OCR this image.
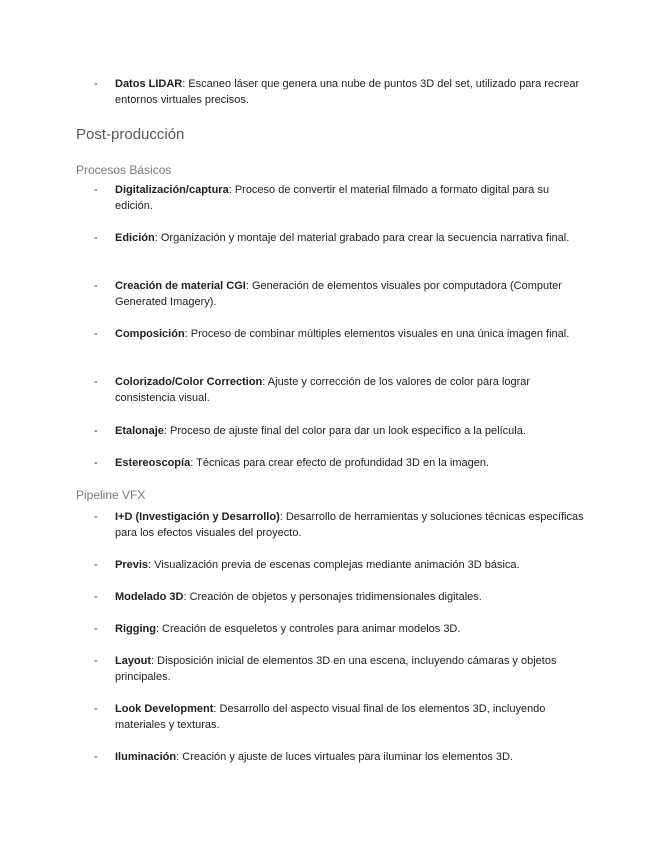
-	Datos LIDAR: Escaneo láser que genera una nube de puntos 3D del set, utilizado para recrear entornos virtuales precisos.
Post-producción
Procesos Básicos
-	Digitalización/captura: Proceso de convertir el material filmado a formato digital para su edición.
-	Edición: Organización y montaje del material grabado para crear la secuencia narrativa final.
-	Creación de material CGI: Generación de elementos visuales por computadora (Computer Generated Imagery).
-	Composición: Proceso de combinar múltiples elementos visuales en una única imagen final.
-	Colorizado/Color Correction: Ajuste y corrección de los valores de color para lograr consistencia visual.
-	Etalonaje: Proceso de ajuste final del color para dar un look específico a la película.
-	Estereoscopía: Técnicas para crear efecto de profundidad 3D en la imagen.
Pipeline VFX
-	I+D (Investigación y Desarrollo): Desarrollo de herramientas y soluciones técnicas específicas para los efectos visuales del proyecto.
-	Previs: Visualización previa de escenas complejas mediante animación 3D básica.
-	Modelado 3D: Creación de objetos y personajes tridimensionales digitales.
-	Rigging: Creación de esqueletos y controles para animar modelos 3D.
-	Layout: Disposición inicial de elementos 3D en una escena, incluyendo cámaras y objetos principales.
-	Look Development: Desarrollo del aspecto visual final de los elementos 3D, incluyendo materiales y texturas.
-	Iluminación: Creación y ajuste de luces virtuales para iluminar los elementos 3D.
